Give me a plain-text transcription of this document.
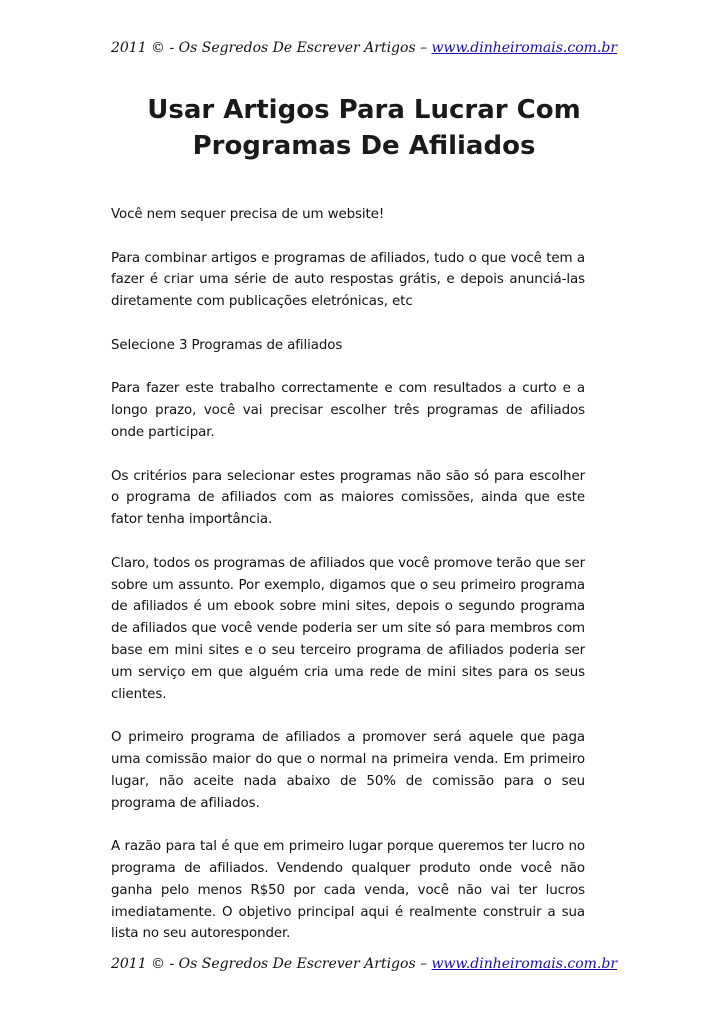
2011 © - Os Segredos De Escrever Artigos – www.dinheiromais.com.br
Usar Artigos Para Lucrar Com
Programas De Afiliados

Você nem sequer precisa de um website!

Para combinar artigos e programas de afiliados, tudo o que você tem a fazer é criar uma série de auto respostas grátis, e depois anunciá-las diretamente com publicações eletrónicas, etc

Selecione 3 Programas de afiliados

Para fazer este trabalho correctamente e com resultados a curto e a longo prazo, você vai precisar escolher três programas de afiliados onde participar.

Os critérios para selecionar estes programas não são só para escolher o programa de afiliados com as maiores comissões, ainda que este fator tenha importância.

Claro, todos os programas de afiliados que você promove terão que ser sobre um assunto. Por exemplo, digamos que o seu primeiro programa de afiliados é um ebook sobre mini sites, depois o segundo programa de afiliados que você vende poderia ser um site só para membros com base em mini sites e o seu terceiro programa de afiliados poderia ser um serviço em que alguém cria uma rede de mini sites para os seus clientes.

O primeiro programa de afiliados a promover será aquele que paga uma comissão maior do que o normal na primeira venda. Em primeiro lugar, não aceite nada abaixo de 50% de comissão para o seu programa de afiliados.

A razão para tal é que em primeiro lugar porque queremos ter lucro no programa de afiliados. Vendendo qualquer produto onde você não ganha pelo menos R$50 por cada venda, você não vai ter lucros imediatamente. O objetivo principal aqui é realmente construir a sua lista no seu autoresponder.

2011 © - Os Segredos De Escrever Artigos – www.dinheiromais.com.br
